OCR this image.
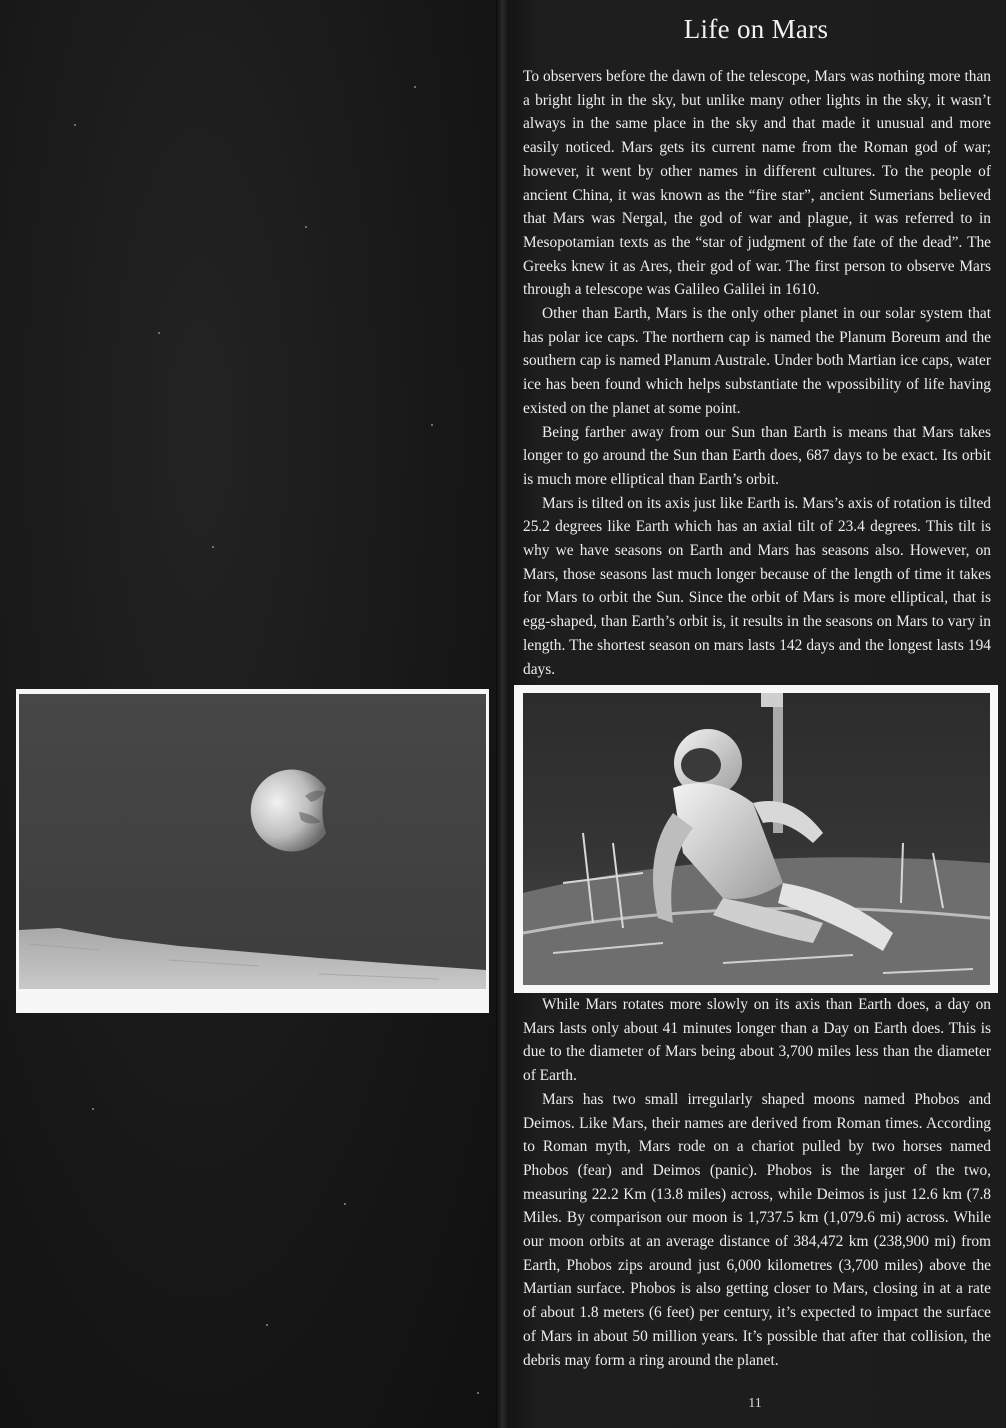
Life on Mars

To observers before the dawn of the telescope, Mars was nothing more than a bright light in the sky, but unlike many other lights in the sky, it wasn’t always in the same place in the sky and that made it unusual and more easily noticed. Mars gets its current name from the Roman god of war; however, it went by other names in different cultures. To the people of ancient China, it was known as the “fire star”, ancient Sumerians believed that Mars was Nergal, the god of war and plague, it was referred to in Mesopotamian texts as the “star of judgment of the fate of the dead”. The Greeks knew it as Ares, their god of war. The first person to observe Mars through a telescope was Galileo Galilei in 1610.

Other than Earth, Mars is the only other planet in our solar system that has polar ice caps. The northern cap is named the Planum Boreum and the southern cap is named Planum Australe. Under both Martian ice caps, water ice has been found which helps substantiate the wpossibility of life having existed on the planet at some point.

Being farther away from our Sun than Earth is means that Mars takes longer to go around the Sun than Earth does, 687 days to be exact. Its orbit is much more elliptical than Earth’s orbit.

Mars is tilted on its axis just like Earth is. Mars’s axis of rotation is tilted 25.2 degrees like Earth which has an axial tilt of 23.4 degrees. This tilt is why we have seasons on Earth and Mars has seasons also. However, on Mars, those seasons last much longer because of the length of time it takes for Mars to orbit the Sun. Since the orbit of Mars is more elliptical, that is egg-shaped, than Earth’s orbit is, it results in the seasons on Mars to vary in length. The shortest season on mars lasts 142 days and the longest lasts 194 days.

While Mars rotates more slowly on its axis than Earth does, a day on Mars lasts only about 41 minutes longer than a Day on Earth does. This is due to the diameter of Mars being about 3,700 miles less than the diameter of Earth.

Mars has two small irregularly shaped moons named Phobos and Deimos. Like Mars, their names are derived from Roman times. According to Roman myth, Mars rode on a chariot pulled by two horses named Phobos (fear) and Deimos (panic). Phobos is the larger of the two, measuring 22.2 Km (13.8 miles) across, while Deimos is just 12.6 km (7.8 Miles. By comparison our moon is 1,737.5 km (1,079.6 mi) across. While our moon orbits at an average distance of 384,472 km (238,900 mi) from Earth, Phobos zips around just 6,000 kilometres (3,700 miles) above the Martian surface. Phobos is also getting closer to Mars, closing in at a rate of about 1.8 meters (6 feet) per century, it’s expected to impact the surface of Mars in about 50 million years. It’s possible that after that collision, the debris may form a ring around the planet.

11
